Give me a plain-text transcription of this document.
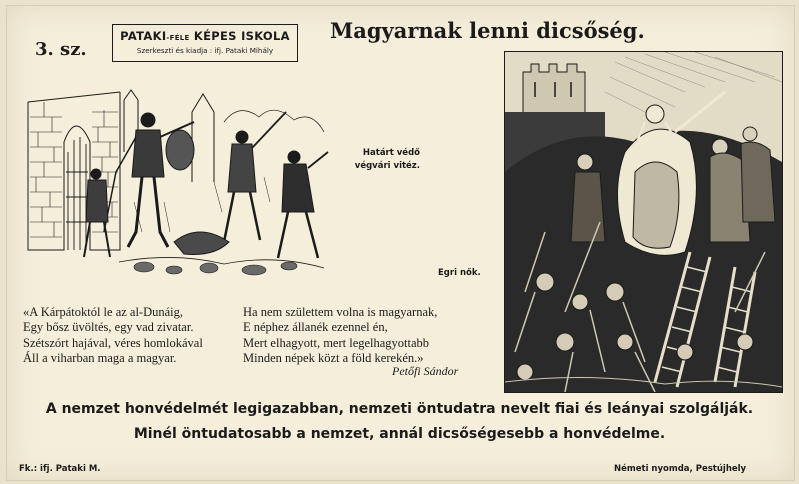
3. sz.
PATAKI-FÉLE KÉPES ISKOLA
Szerkeszti és kiadja : ifj. Pataki Mihály
Magyarnak lenni dicsőség.
Határt védő
végvári vitéz.
Egri nők.
«A Kárpátoktól le az al-Dunáig,
Egy bősz üvöltés, egy vad zivatar.
Szétszórt hajával, véres homlokával
Áll a viharban maga a magyar.
Ha nem születtem volna is magyarnak,
E néphez állanék ezennel én,
Mert elhagyott, mert legelhagyottabb
Minden népek közt a föld kerekén.»
Petőfi Sándor
A nemzet honvédelmét legigazabban, nemzeti öntudatra nevelt fiai és leányai szolgálják.
Minél öntudatosabb a nemzet, annál dicsőségesebb a honvédelme.
Fk.: ifj. Pataki M.	Németi nyomda, Pestújhely
